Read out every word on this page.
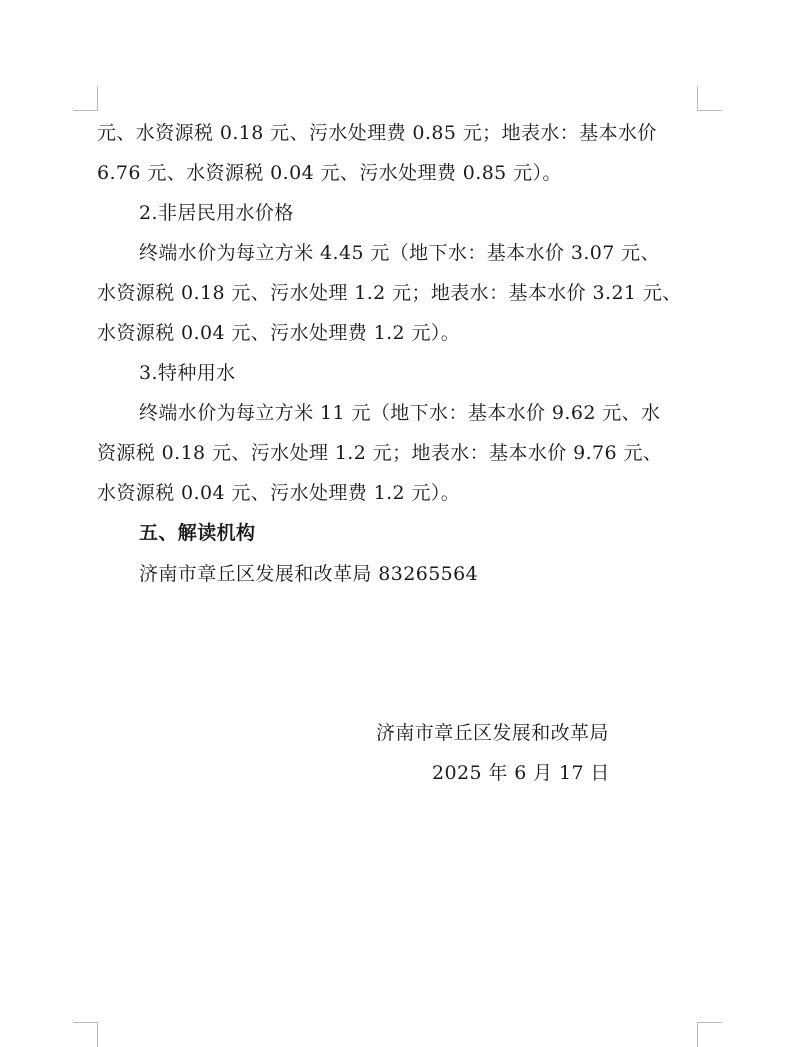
元、水资源税 0.18 元、污水处理费 0.85 元；地表水：基本水价
6.76 元、水资源税 0.04 元、污水处理费 0.85 元）。
2.非居民用水价格
终端水价为每立方米 4.45 元（地下水：基本水价 3.07 元、
水资源税 0.18 元、污水处理 1.2 元；地表水：基本水价 3.21 元、
水资源税 0.04 元、污水处理费 1.2 元）。
3.特种用水
终端水价为每立方米 11 元（地下水：基本水价 9.62 元、水
资源税 0.18 元、污水处理 1.2 元；地表水：基本水价 9.76 元、
水资源税 0.04 元、污水处理费 1.2 元）。
五、解读机构
济南市章丘区发展和改革局 83265564
济南市章丘区发展和改革局
2025 年 6 月 17 日
